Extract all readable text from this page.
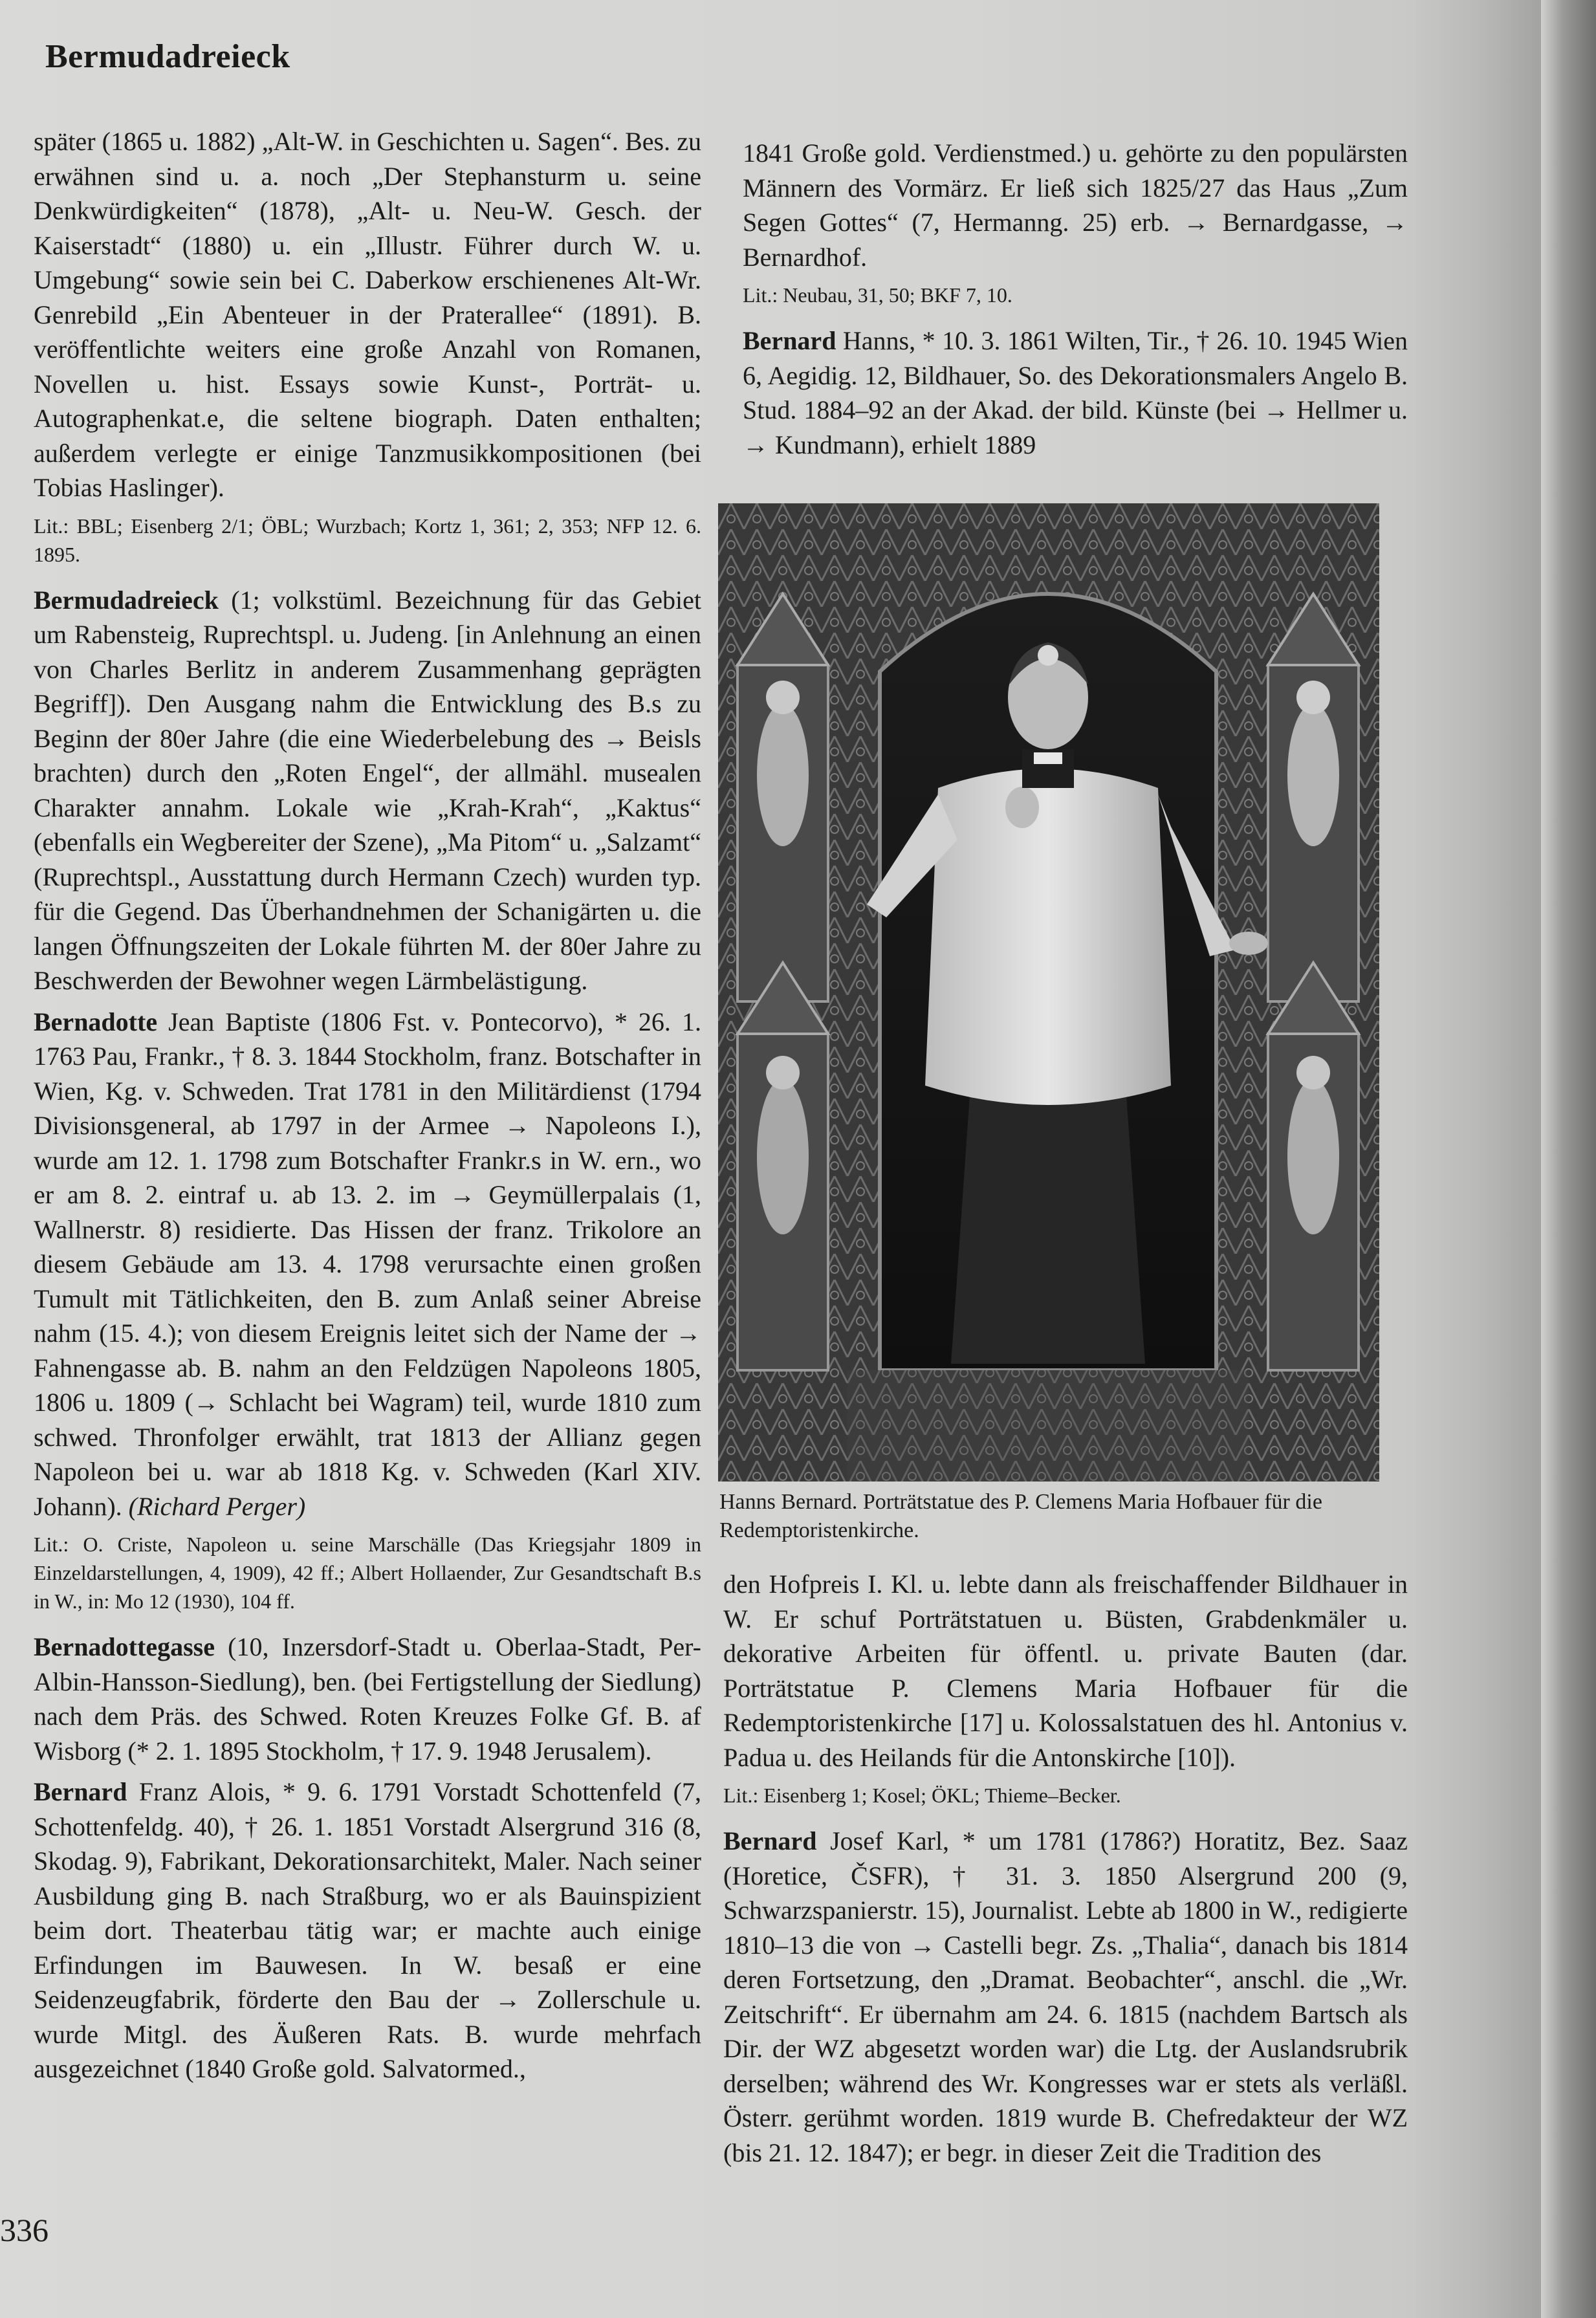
Bermudadreieck

später (1865 u. 1882) „Alt-W. in Geschichten u. Sagen“. Bes. zu erwähnen sind u. a. noch „Der Stephansturm u. seine Denkwürdigkeiten“ (1878), „Alt- u. Neu-W. Gesch. der Kaiserstadt“ (1880) u. ein „Illustr. Führer durch W. u. Umgebung“ sowie sein bei C. Daberkow erschienenes Alt-Wr. Genrebild „Ein Abenteuer in der Praterallee“ (1891). B. veröffentlichte weiters eine große Anzahl von Romanen, Novellen u. hist. Essays sowie Kunst-, Porträt- u. Autographenkat.e, die seltene biograph. Daten enthalten; außerdem verlegte er einige Tanzmusikkompositionen (bei Tobias Haslinger).

Lit.: BBL; Eisenberg 2/1; ÖBL; Wurzbach; Kortz 1, 361; 2, 353; NFP 12. 6. 1895.

Bermudadreieck (1; volkstüml. Bezeichnung für das Gebiet um Rabensteig, Ruprechtspl. u. Judeng. [in Anlehnung an einen von Charles Berlitz in anderem Zusammenhang geprägten Begriff]). Den Ausgang nahm die Entwicklung des B.s zu Beginn der 80er Jahre (die eine Wiederbelebung des → Beisls brachten) durch den „Roten Engel“, der allmähl. musealen Charakter annahm. Lokale wie „Krah-Krah“, „Kaktus“ (ebenfalls ein Wegbereiter der Szene), „Ma Pitom“ u. „Salzamt“ (Ruprechtspl., Ausstattung durch Hermann Czech) wurden typ. für die Gegend. Das Überhandnehmen der Schanigärten u. die langen Öffnungszeiten der Lokale führten M. der 80er Jahre zu Beschwerden der Bewohner wegen Lärmbelästigung.

Bernadotte Jean Baptiste (1806 Fst. v. Pontecorvo), * 26. 1. 1763 Pau, Frankr., † 8. 3. 1844 Stockholm, franz. Botschafter in Wien, Kg. v. Schweden. Trat 1781 in den Militärdienst (1794 Divisionsgeneral, ab 1797 in der Armee → Napoleons I.), wurde am 12. 1. 1798 zum Botschafter Frankr.s in W. ern., wo er am 8. 2. eintraf u. ab 13. 2. im → Geymüllerpalais (1, Wallnerstr. 8) residierte. Das Hissen der franz. Trikolore an diesem Gebäude am 13. 4. 1798 verursachte einen großen Tumult mit Tätlichkeiten, den B. zum Anlaß seiner Abreise nahm (15. 4.); von diesem Ereignis leitet sich der Name der → Fahnengasse ab. B. nahm an den Feldzügen Napoleons 1805, 1806 u. 1809 (→ Schlacht bei Wagram) teil, wurde 1810 zum schwed. Thronfolger erwählt, trat 1813 der Allianz gegen Napoleon bei u. war ab 1818 Kg. v. Schweden (Karl XIV. Johann). (Richard Perger)

Lit.: O. Criste, Napoleon u. seine Marschälle (Das Kriegsjahr 1809 in Einzeldarstellungen, 4, 1909), 42 ff.; Albert Hollaender, Zur Gesandtschaft B.s in W., in: Mo 12 (1930), 104 ff.

Bernadottegasse (10, Inzersdorf-Stadt u. Oberlaa-Stadt, Per-Albin-Hansson-Siedlung), ben. (bei Fertigstellung der Siedlung) nach dem Präs. des Schwed. Roten Kreuzes Folke Gf. B. af Wisborg (* 2. 1. 1895 Stockholm, † 17. 9. 1948 Jerusalem).

Bernard Franz Alois, * 9. 6. 1791 Vorstadt Schottenfeld (7, Schottenfeldg. 40), † 26. 1. 1851 Vorstadt Alsergrund 316 (8, Skodag. 9), Fabrikant, Dekorationsarchitekt, Maler. Nach seiner Ausbildung ging B. nach Straßburg, wo er als Bauinspizient beim dort. Theaterbau tätig war; er machte auch einige Erfindungen im Bauwesen. In W. besaß er eine Seidenzeugfabrik, förderte den Bau der → Zollerschule u. wurde Mitgl. des Äußeren Rats. B. wurde mehrfach ausgezeichnet (1840 Große gold. Salvatormed.,

1841 Große gold. Verdienstmed.) u. gehörte zu den populärsten Männern des Vormärz. Er ließ sich 1825/27 das Haus „Zum Segen Gottes“ (7, Hermanng. 25) erb. → Bernardgasse, → Bernardhof.

Lit.: Neubau, 31, 50; BKF 7, 10.

Bernard Hanns, * 10. 3. 1861 Wilten, Tir., † 26. 10. 1945 Wien 6, Aegidig. 12, Bildhauer, So. des Dekorationsmalers Angelo B. Stud. 1884–92 an der Akad. der bild. Künste (bei → Hellmer u. → Kundmann), erhielt 1889

Hanns Bernard. Porträtstatue des P. Clemens Maria Hofbauer für die Redemptoristenkirche.

den Hofpreis I. Kl. u. lebte dann als freischaffender Bildhauer in W. Er schuf Porträtstatuen u. Büsten, Grabdenkmäler u. dekorative Arbeiten für öffentl. u. private Bauten (dar. Porträtstatue P. Clemens Maria Hofbauer für die Redemptoristenkirche [17] u. Kolossalstatuen des hl. Antonius v. Padua u. des Heilands für die Antonskirche [10]).

Lit.: Eisenberg 1; Kosel; ÖKL; Thieme–Becker.

Bernard Josef Karl, * um 1781 (1786?) Horatitz, Bez. Saaz (Horetice, ČSFR), † 31. 3. 1850 Alsergrund 200 (9, Schwarzspanierstr. 15), Journalist. Lebte ab 1800 in W., redigierte 1810–13 die von → Castelli begr. Zs. „Thalia“, danach bis 1814 deren Fortsetzung, den „Dramat. Beobachter“, anschl. die „Wr. Zeitschrift“. Er übernahm am 24. 6. 1815 (nachdem Bartsch als Dir. der WZ abgesetzt worden war) die Ltg. der Auslandsrubrik derselben; während des Wr. Kongresses war er stets als verläßl. Österr. gerühmt worden. 1819 wurde B. Chefredakteur der WZ (bis 21. 12. 1847); er begr. in dieser Zeit die Tradition des

336
